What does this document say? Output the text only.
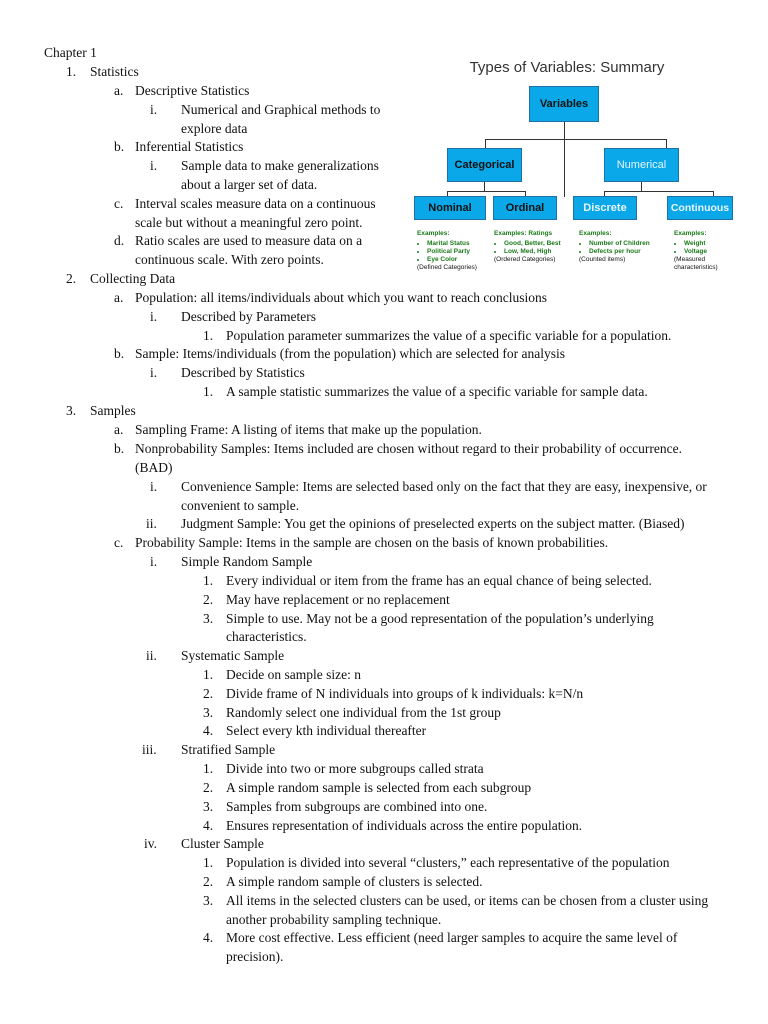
Chapter 1
1. Statistics
a. Descriptive Statistics
i. Numerical and Graphical methods to
explore data
b. Inferential Statistics
i. Sample data to make generalizations
about a larger set of data.
c. Interval scales measure data on a continuous
scale but without a meaningful zero point.
d. Ratio scales are used to measure data on a
continuous scale. With zero points.
2. Collecting Data
a. Population: all items/individuals about which you want to reach conclusions
i. Described by Parameters
1. Population parameter summarizes the value of a specific variable for a population.
b. Sample: Items/individuals (from the population) which are selected for analysis
i. Described by Statistics
1. A sample statistic summarizes the value of a specific variable for sample data.
3. Samples
a. Sampling Frame: A listing of items that make up the population.
b. Nonprobability Samples: Items included are chosen without regard to their probability of occurrence.
(BAD)
i. Convenience Sample: Items are selected based only on the fact that they are easy, inexpensive, or
convenient to sample.
ii. Judgment Sample: You get the opinions of preselected experts on the subject matter. (Biased)
c. Probability Sample: Items in the sample are chosen on the basis of known probabilities.
i. Simple Random Sample
1. Every individual or item from the frame has an equal chance of being selected.
2. May have replacement or no replacement
3. Simple to use. May not be a good representation of the population’s underlying
characteristics.
ii. Systematic Sample
1. Decide on sample size: n
2. Divide frame of N individuals into groups of k individuals: k=N/n
3. Randomly select one individual from the 1st group
4. Select every kth individual thereafter
iii. Stratified Sample
1. Divide into two or more subgroups called strata
2. A simple random sample is selected from each subgroup
3. Samples from subgroups are combined into one.
4. Ensures representation of individuals across the entire population.
iv. Cluster Sample
1. Population is divided into several “clusters,” each representative of the population
2. A simple random sample of clusters is selected.
3. All items in the selected clusters can be used, or items can be chosen from a cluster using
another probability sampling technique.
4. More cost effective. Less efficient (need larger samples to acquire the same level of
precision).
Types of Variables: Summary
Variables
Categorical	Numerical
Nominal	Ordinal	Discrete	Continuous
Examples:
• Marital Status
• Political Party
• Eye Color
(Defined Categories)
Examples: Ratings
• Good, Better, Best
• Low, Med, High
(Ordered Categories)
Examples:
• Number of Children
• Defects per hour
(Counted items)
Examples:
• Weight
• Voltage
(Measured characteristics)
